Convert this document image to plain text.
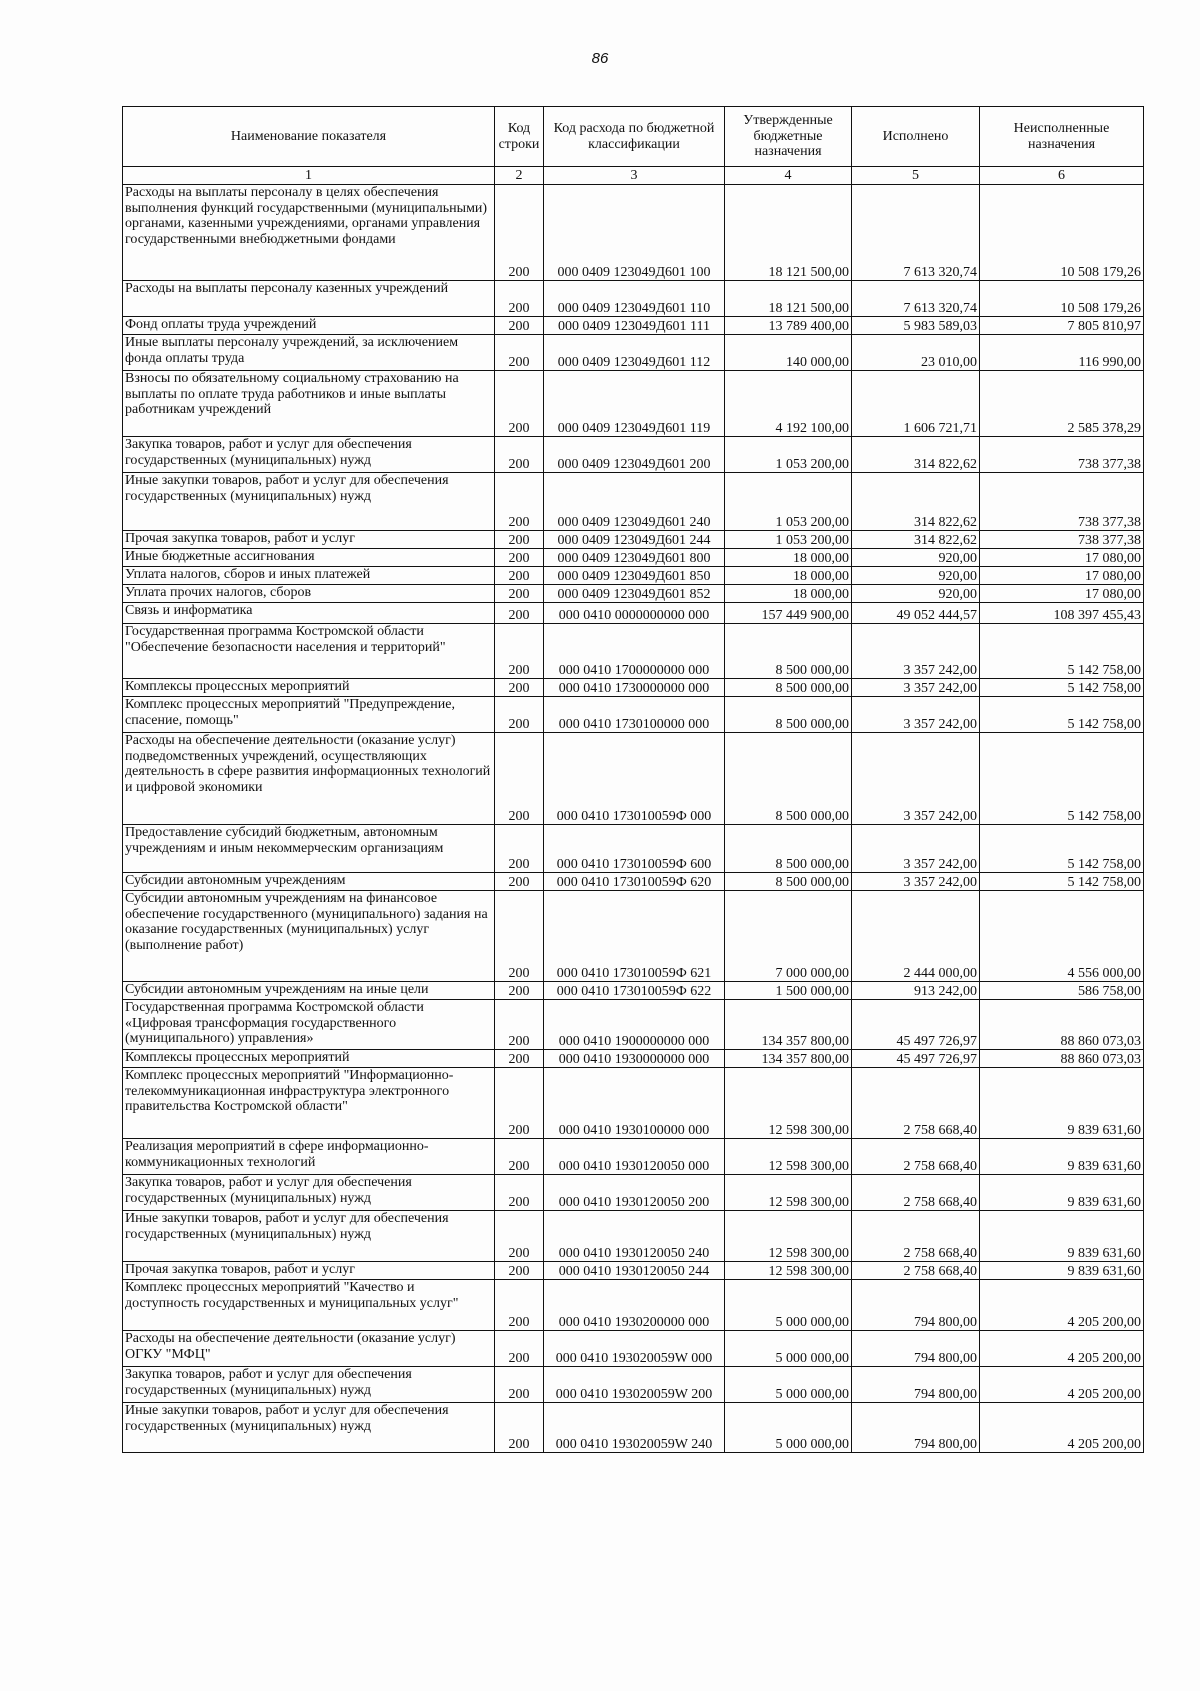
86
Наименование показателя	Код строки	Код расхода по бюджетной классификации	Утвержденные бюджетные назначения	Исполнено	Неисполненные назначения
1	2	3	4	5	6
Расходы на выплаты персоналу в целях обеспечения выполнения функций государственными (муниципальными) органами, казенными учреждениями, органами управления государственными внебюджетными фондами	200	000 0409 123049Д601 100	18 121 500,00	7 613 320,74	10 508 179,26
Расходы на выплаты персоналу казенных учреждений	200	000 0409 123049Д601 110	18 121 500,00	7 613 320,74	10 508 179,26
Фонд оплаты труда учреждений	200	000 0409 123049Д601 111	13 789 400,00	5 983 589,03	7 805 810,97
Иные выплаты персоналу учреждений, за исключением фонда оплаты труда	200	000 0409 123049Д601 112	140 000,00	23 010,00	116 990,00
Взносы по обязательному социальному страхованию на выплаты по оплате труда работников и иные выплаты работникам учреждений	200	000 0409 123049Д601 119	4 192 100,00	1 606 721,71	2 585 378,29
Закупка товаров, работ и услуг для обеспечения государственных (муниципальных) нужд	200	000 0409 123049Д601 200	1 053 200,00	314 822,62	738 377,38
Иные закупки товаров, работ и услуг для обеспечения государственных (муниципальных) нужд	200	000 0409 123049Д601 240	1 053 200,00	314 822,62	738 377,38
Прочая закупка товаров, работ и услуг	200	000 0409 123049Д601 244	1 053 200,00	314 822,62	738 377,38
Иные бюджетные ассигнования	200	000 0409 123049Д601 800	18 000,00	920,00	17 080,00
Уплата налогов, сборов и иных платежей	200	000 0409 123049Д601 850	18 000,00	920,00	17 080,00
Уплата прочих налогов, сборов	200	000 0409 123049Д601 852	18 000,00	920,00	17 080,00
Связь и информатика	200	000 0410 0000000000 000	157 449 900,00	49 052 444,57	108 397 455,43
Государственная программа Костромской области "Обеспечение безопасности населения и территорий"	200	000 0410 1700000000 000	8 500 000,00	3 357 242,00	5 142 758,00
Комплексы процессных мероприятий	200	000 0410 1730000000 000	8 500 000,00	3 357 242,00	5 142 758,00
Комплекс процессных мероприятий "Предупреждение, спасение, помощь"	200	000 0410 1730100000 000	8 500 000,00	3 357 242,00	5 142 758,00
Расходы на обеспечение деятельности (оказание услуг) подведомственных учреждений, осуществляющих деятельность в сфере развития информационных технологий и цифровой экономики	200	000 0410 173010059Ф 000	8 500 000,00	3 357 242,00	5 142 758,00
Предоставление субсидий бюджетным, автономным учреждениям и иным некоммерческим организациям	200	000 0410 173010059Ф 600	8 500 000,00	3 357 242,00	5 142 758,00
Субсидии автономным учреждениям	200	000 0410 173010059Ф 620	8 500 000,00	3 357 242,00	5 142 758,00
Субсидии автономным учреждениям на финансовое обеспечение государственного (муниципального) задания на оказание государственных (муниципальных) услуг (выполнение работ)	200	000 0410 173010059Ф 621	7 000 000,00	2 444 000,00	4 556 000,00
Субсидии автономным учреждениям на иные цели	200	000 0410 173010059Ф 622	1 500 000,00	913 242,00	586 758,00
Государственная программа Костромской области «Цифровая трансформация государственного (муниципального) управления»	200	000 0410 1900000000 000	134 357 800,00	45 497 726,97	88 860 073,03
Комплексы процессных мероприятий	200	000 0410 1930000000 000	134 357 800,00	45 497 726,97	88 860 073,03
Комплекс процессных мероприятий "Информационно-телекоммуникационная инфраструктура электронного правительства Костромской области"	200	000 0410 1930100000 000	12 598 300,00	2 758 668,40	9 839 631,60
Реализация мероприятий в сфере информационно-коммуникационных технологий	200	000 0410 1930120050 000	12 598 300,00	2 758 668,40	9 839 631,60
Закупка товаров, работ и услуг для обеспечения государственных (муниципальных) нужд	200	000 0410 1930120050 200	12 598 300,00	2 758 668,40	9 839 631,60
Иные закупки товаров, работ и услуг для обеспечения государственных (муниципальных) нужд	200	000 0410 1930120050 240	12 598 300,00	2 758 668,40	9 839 631,60
Прочая закупка товаров, работ и услуг	200	000 0410 1930120050 244	12 598 300,00	2 758 668,40	9 839 631,60
Комплекс процессных мероприятий "Качество и доступность государственных и муниципальных услуг"	200	000 0410 1930200000 000	5 000 000,00	794 800,00	4 205 200,00
Расходы на обеспечение деятельности (оказание услуг) ОГКУ "МФЦ"	200	000 0410 193020059W 000	5 000 000,00	794 800,00	4 205 200,00
Закупка товаров, работ и услуг для обеспечения государственных (муниципальных) нужд	200	000 0410 193020059W 200	5 000 000,00	794 800,00	4 205 200,00
Иные закупки товаров, работ и услуг для обеспечения государственных (муниципальных) нужд	200	000 0410 193020059W 240	5 000 000,00	794 800,00	4 205 200,00
